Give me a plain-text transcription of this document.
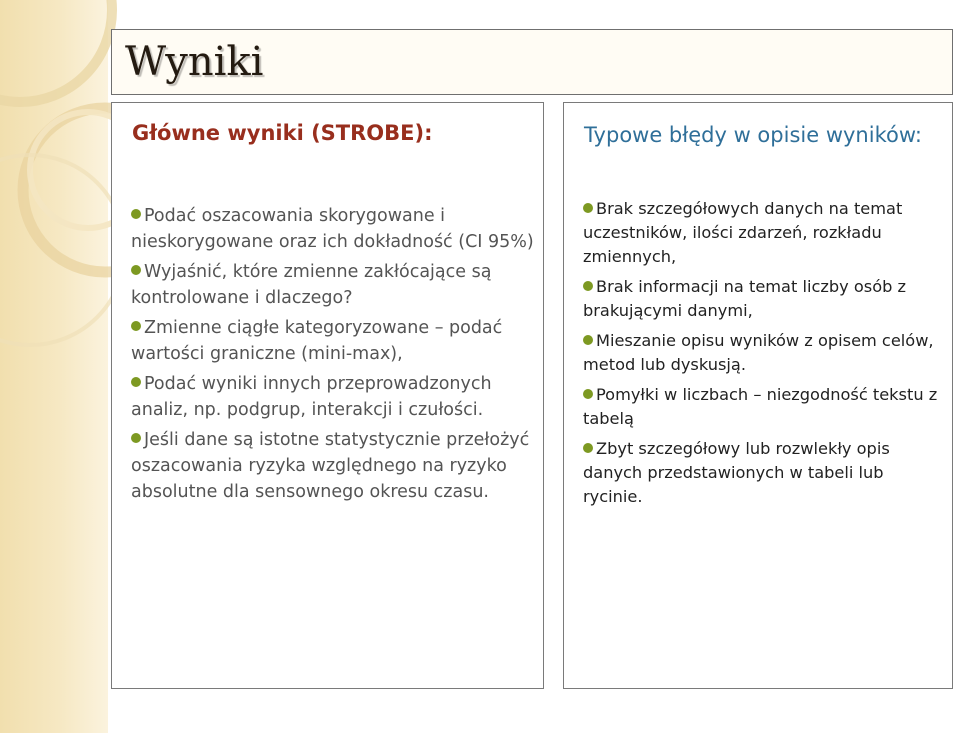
Wyniki
Główne wyniki (STROBE):
Podać oszacowania skorygowane i nieskorygowane oraz ich dokładność (CI 95%)
Wyjaśnić, które zmienne zakłócające są kontrolowane i dlaczego?
Zmienne ciągłe kategoryzowane – podać wartości graniczne (mini-max),
Podać wyniki innych przeprowadzonych analiz, np. podgrup, interakcji i czułości.
Jeśli dane są istotne statystycznie przełożyć oszacowania ryzyka względnego na ryzyko absolutne dla sensownego okresu czasu.
Typowe błędy w opisie wyników:
Brak szczegółowych danych na temat uczestników, ilości zdarzeń, rozkładu zmiennych,
Brak informacji na temat liczby osób z brakującymi danymi,
Mieszanie opisu wyników z opisem celów, metod lub dyskusją.
Pomyłki w liczbach – niezgodność tekstu z tabelą
Zbyt szczegółowy lub rozwlekły opis danych przedstawionych w tabeli lub rycinie.
